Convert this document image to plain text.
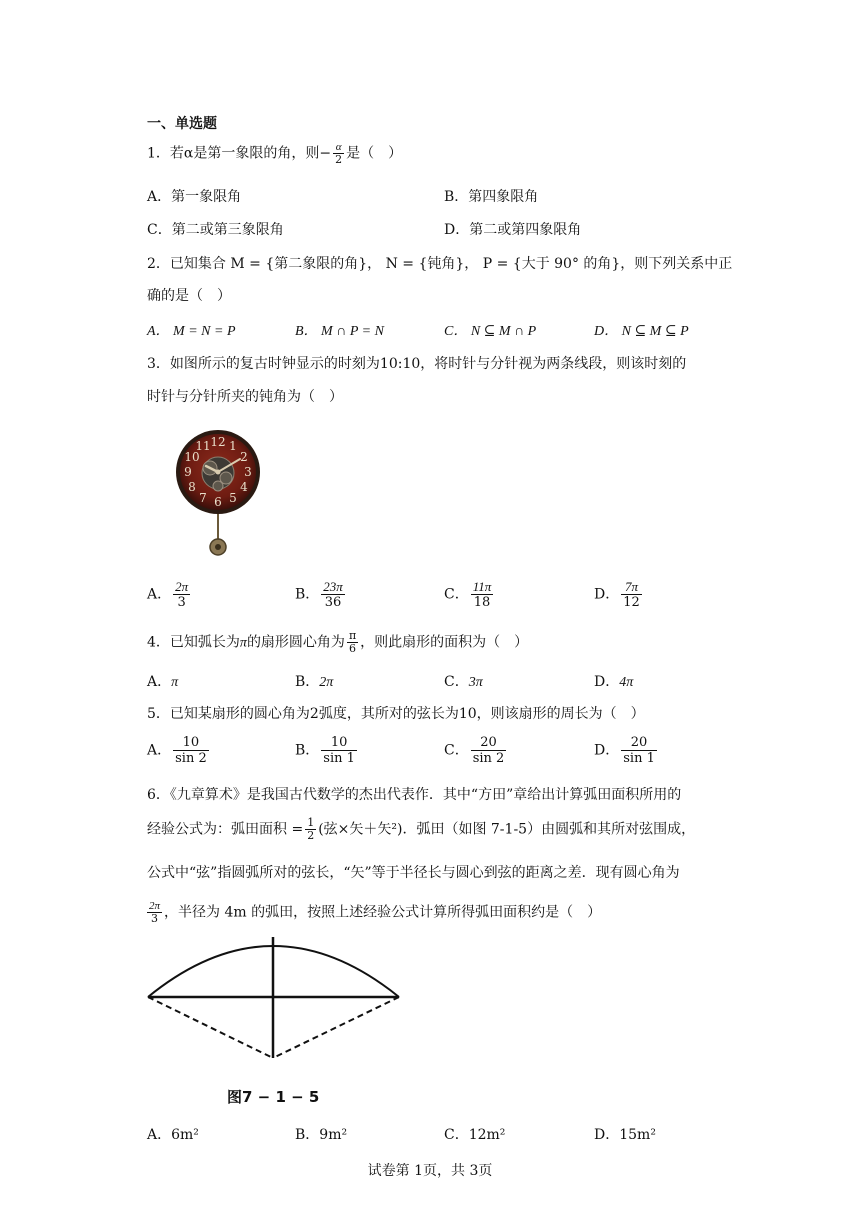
一、单选题
1．若α是第一象限的角，则− $\frac{\alpha}{2}$ 是（　）
A．第一象限角	B．第四象限角
C．第二或第三象限角	D．第二或第四象限角
2．已知集合 M = {第二象限的角}， N = {钝角}， P = {大于 90° 的角}，则下列关系中正
确的是（　）
A． M = N = P	B． M ∩ P = N	C． N ⊆ M ∩ P	D． N ⊆ M ⊆ P
3．如图所示的复古时钟显示的时刻为10:10，将时针与分针视为两条线段，则该时刻的
时针与分针所夹的钝角为（　）
12 1
2
3
4
5
6
7
8
9
10
11
A． $\frac{2\pi}{3}$	B． $\frac{23\pi}{36}$	C． $\frac{11\pi}{18}$	D． $\frac{7\pi}{12}$
4．已知弧长为π的扇形圆心角为 $\frac{\pi}{6}$ ，则此扇形的面积为（　）
A．π	B．2π	C．3π	D．4π
5．已知某扇形的圆心角为2弧度，其所对的弦长为10，则该扇形的周长为（　）
A． $\frac{10}{\sin 2}$	B． $\frac{10}{\sin 1}$	C． $\frac{20}{\sin 2}$	D． $\frac{20}{\sin 1}$
6．《九章算术》是我国古代数学的杰出代表作．其中“方田”章给出计算弧田面积所用的
经验公式为：弧田面积 = $\frac{1}{2}$ (弦×矢＋矢²)．弧田（如图 7-1-5）由圆弧和其所对弦围成，
公式中“弦”指圆弧所对的弦长，“矢”等于半径长与圆心到弦的距离之差．现有圆心角为
$\frac{2\pi}{3}$ ，半径为 4m 的弧田，按照上述经验公式计算所得弧田面积约是（　）
图7 − 1 − 5
A．6m²	B．9m²	C．12m²	D．15m²
试卷第 1页，共 3页
